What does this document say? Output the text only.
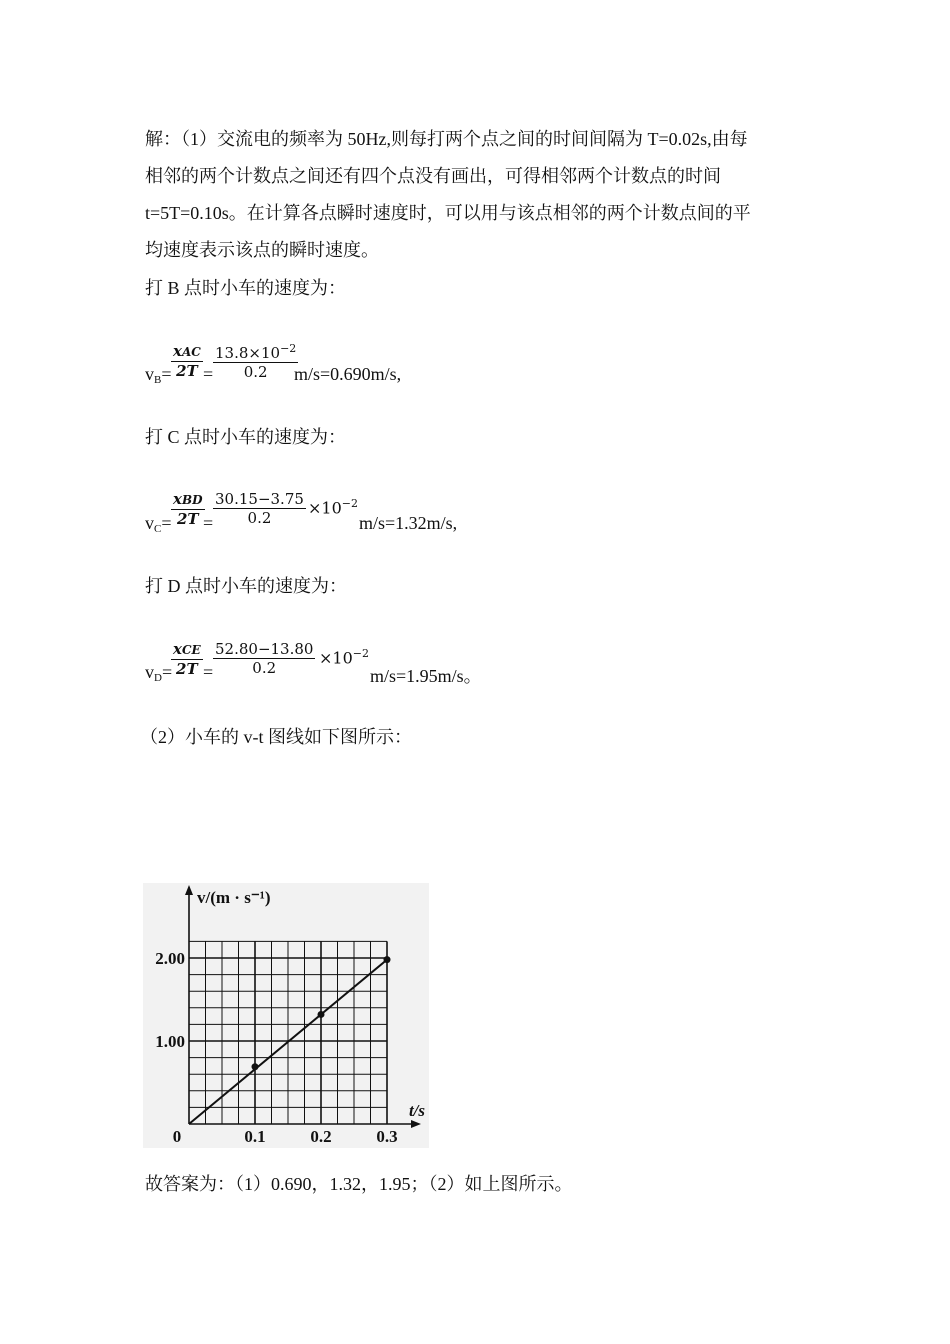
解：（1）交流电的频率为 50Hz,则每打两个点之间的时间间隔为 T=0.02s,由每
相邻的两个计数点之间还有四个点没有画出，可得相邻两个计数点的时间
t=5T=0.10s。在计算各点瞬时速度时，可以用与该点相邻的两个计数点间的平
均速度表示该点的瞬时速度。
打 B 点时小车的速度为：
$v_B=$
xAC
$2T = \frac{13.8\times 10^{-2}}{0.2}$
m/s=0.690m/s,
打 C 点时小车的速度为：
$v_C=$
xBD
$2T = \frac{30.15-3.75}{0.2} \times 10^{-2}$
m/s=1.32m/s,
打 D 点时小车的速度为：
$v_D=$
xCE
$2T = \frac{52.80-13.80}{0.2} \times 10^{-2}$
m/s=1.95m/s。
（2）小车的 v-t 图线如下图所示：
0	0.1	0.2	0.3
1.00
2.00
t/s
v/(m · s⁻¹)
故答案为：（1）0.690，1.32，1.95；（2）如上图所示。
